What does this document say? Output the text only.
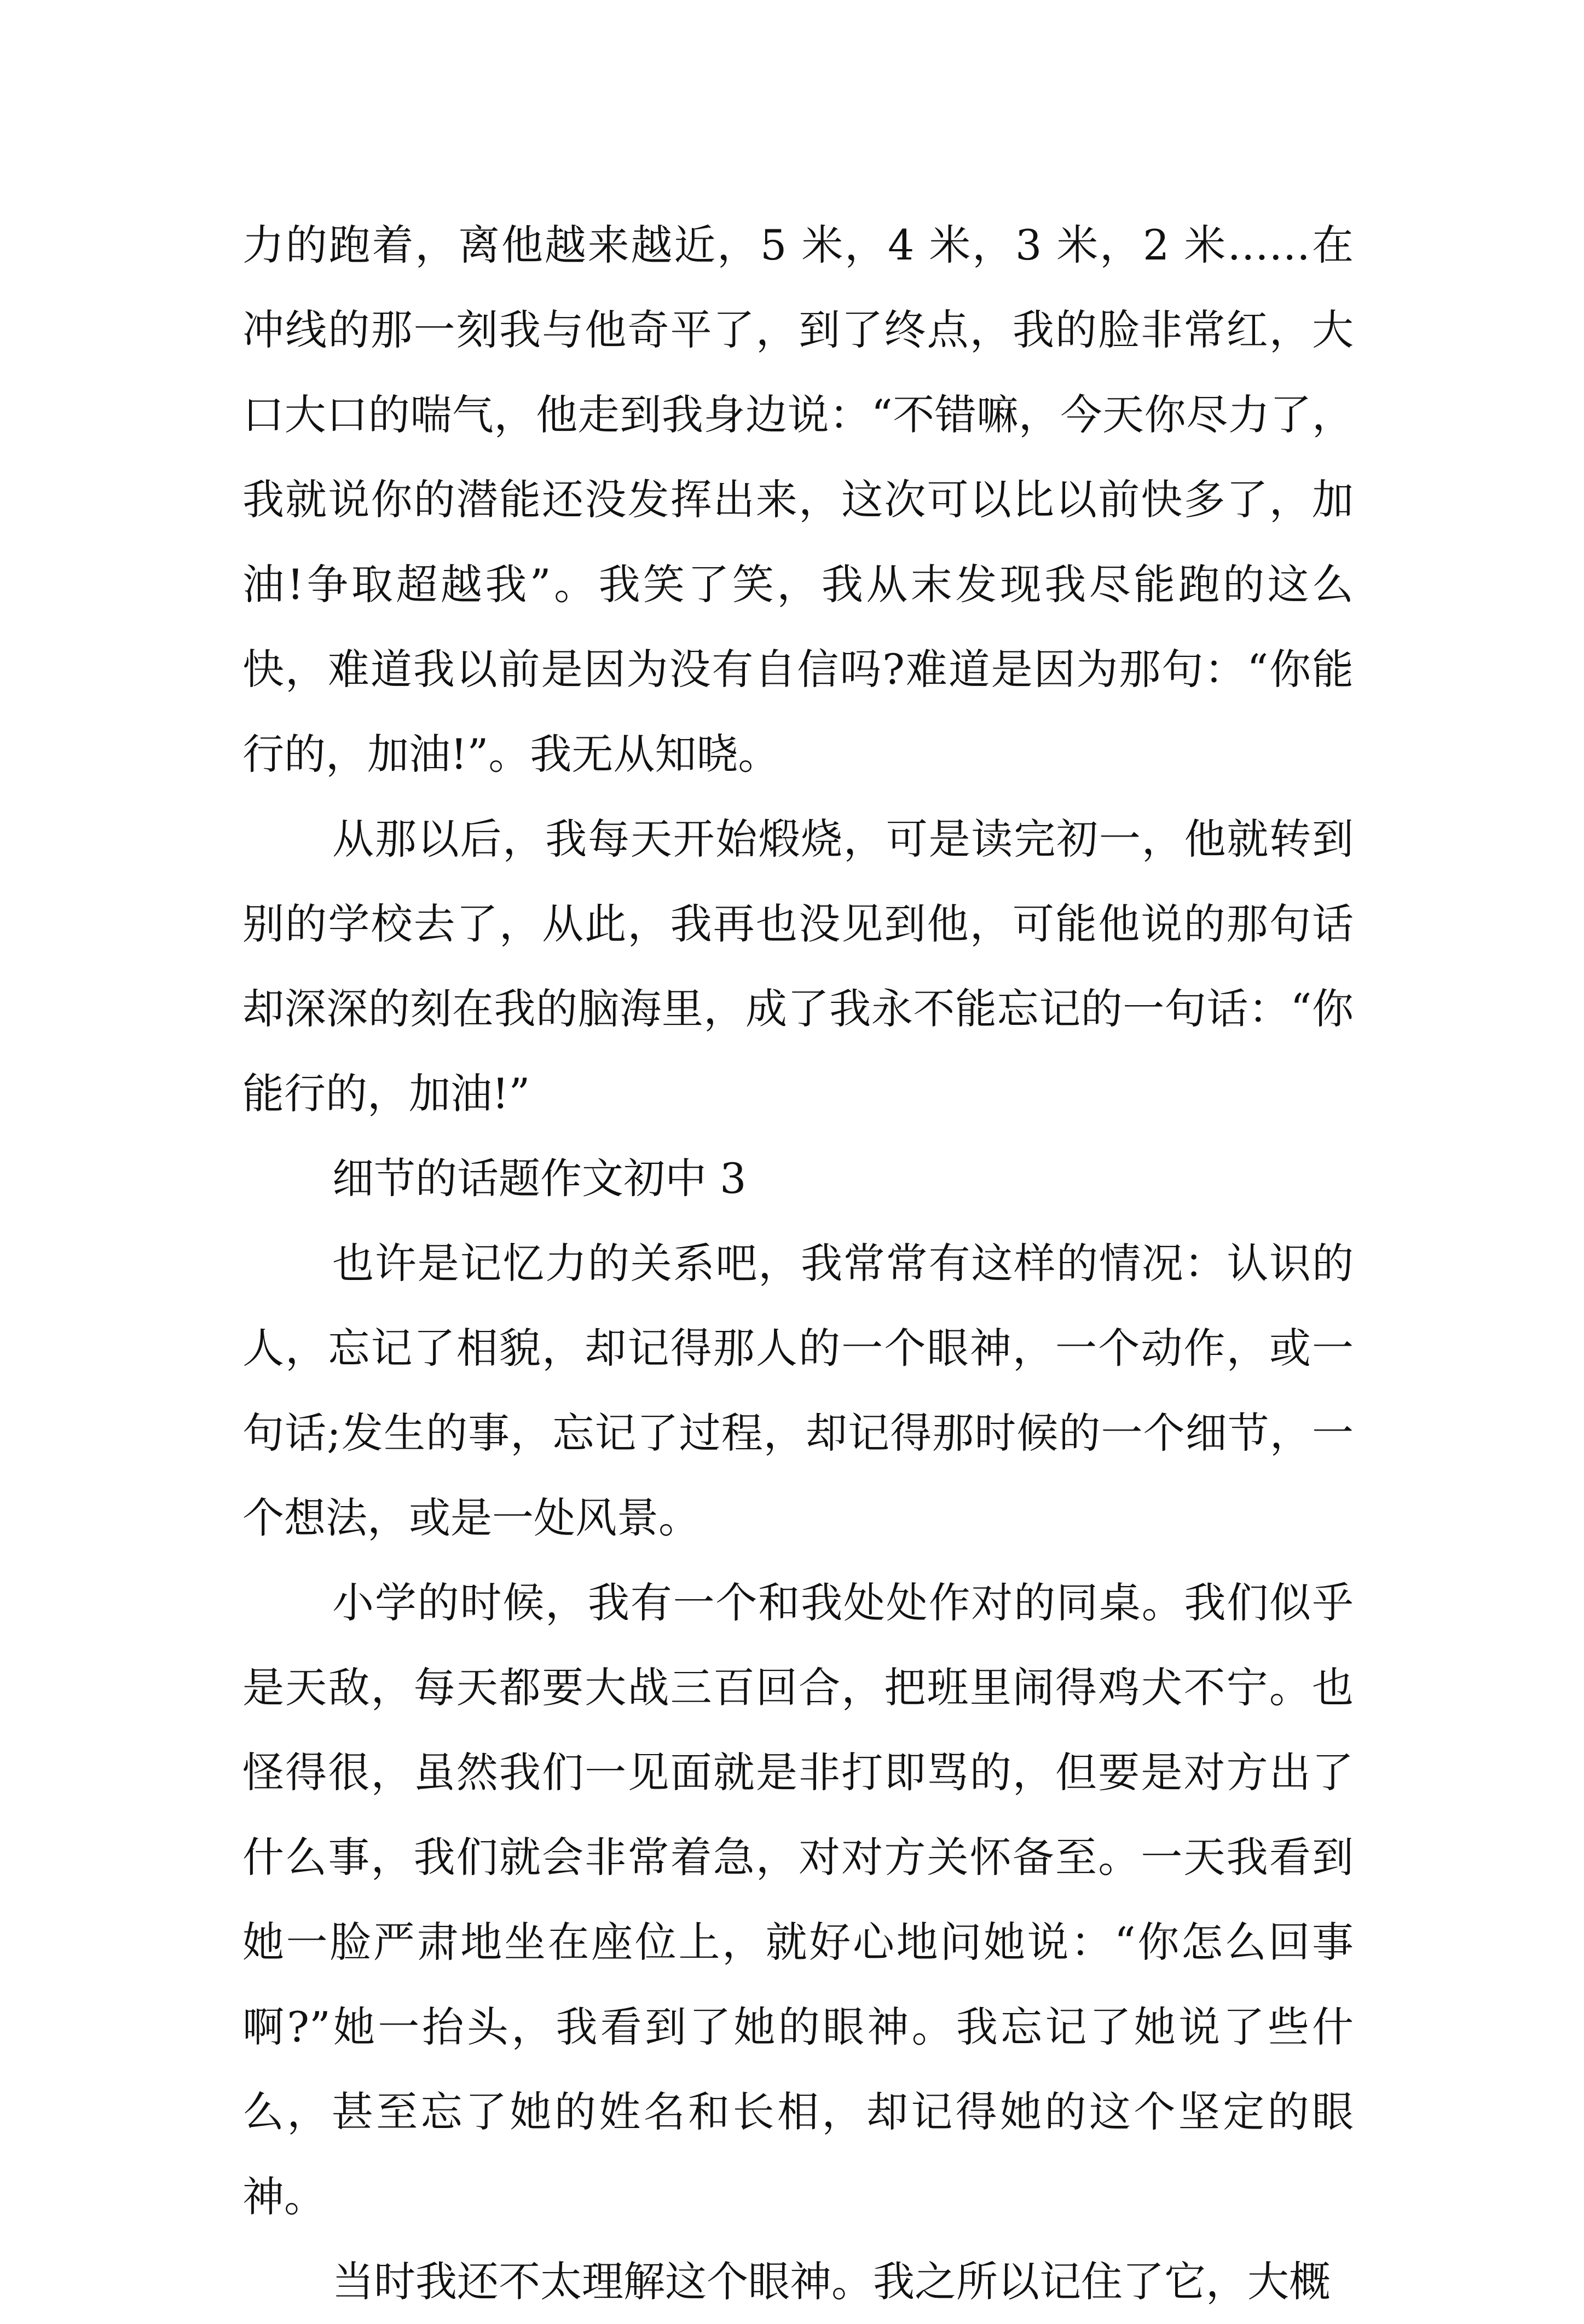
力的跑着，离他越来越近，5 米，4 米，3 米，2 米……在冲线的那一刻我与他奇平了，到了终点，我的脸非常红，大口大口的喘气，他走到我身边说：“不错嘛，今天你尽力了，我就说你的潜能还没发挥出来，这次可以比以前快多了，加油!争取超越我”。我笑了笑，我从末发现我尽能跑的这么快，难道我以前是因为没有自信吗?难道是因为那句：“你能行的，加油!”。我无从知晓。

从那以后，我每天开始煅烧，可是读完初一，他就转到别的学校去了，从此，我再也没见到他，可能他说的那句话却深深的刻在我的脑海里，成了我永不能忘记的一句话：“你能行的，加油!”

细节的话题作文初中 3

也许是记忆力的关系吧，我常常有这样的情况：认识的人，忘记了相貌，却记得那人的一个眼神，一个动作，或一句话;发生的事，忘记了过程，却记得那时候的一个细节，一个想法，或是一处风景。

小学的时候，我有一个和我处处作对的同桌。我们似乎是天敌，每天都要大战三百回合，把班里闹得鸡犬不宁。也怪得很，虽然我们一见面就是非打即骂的，但要是对方出了什么事，我们就会非常着急，对对方关怀备至。一天我看到她一脸严肃地坐在座位上，就好心地问她说：“你怎么回事啊?”她一抬头，我看到了她的眼神。我忘记了她说了些什么，甚至忘了她的姓名和长相，却记得她的这个坚定的眼神。

当时我还不太理解这个眼神。我之所以记住了它，大概
